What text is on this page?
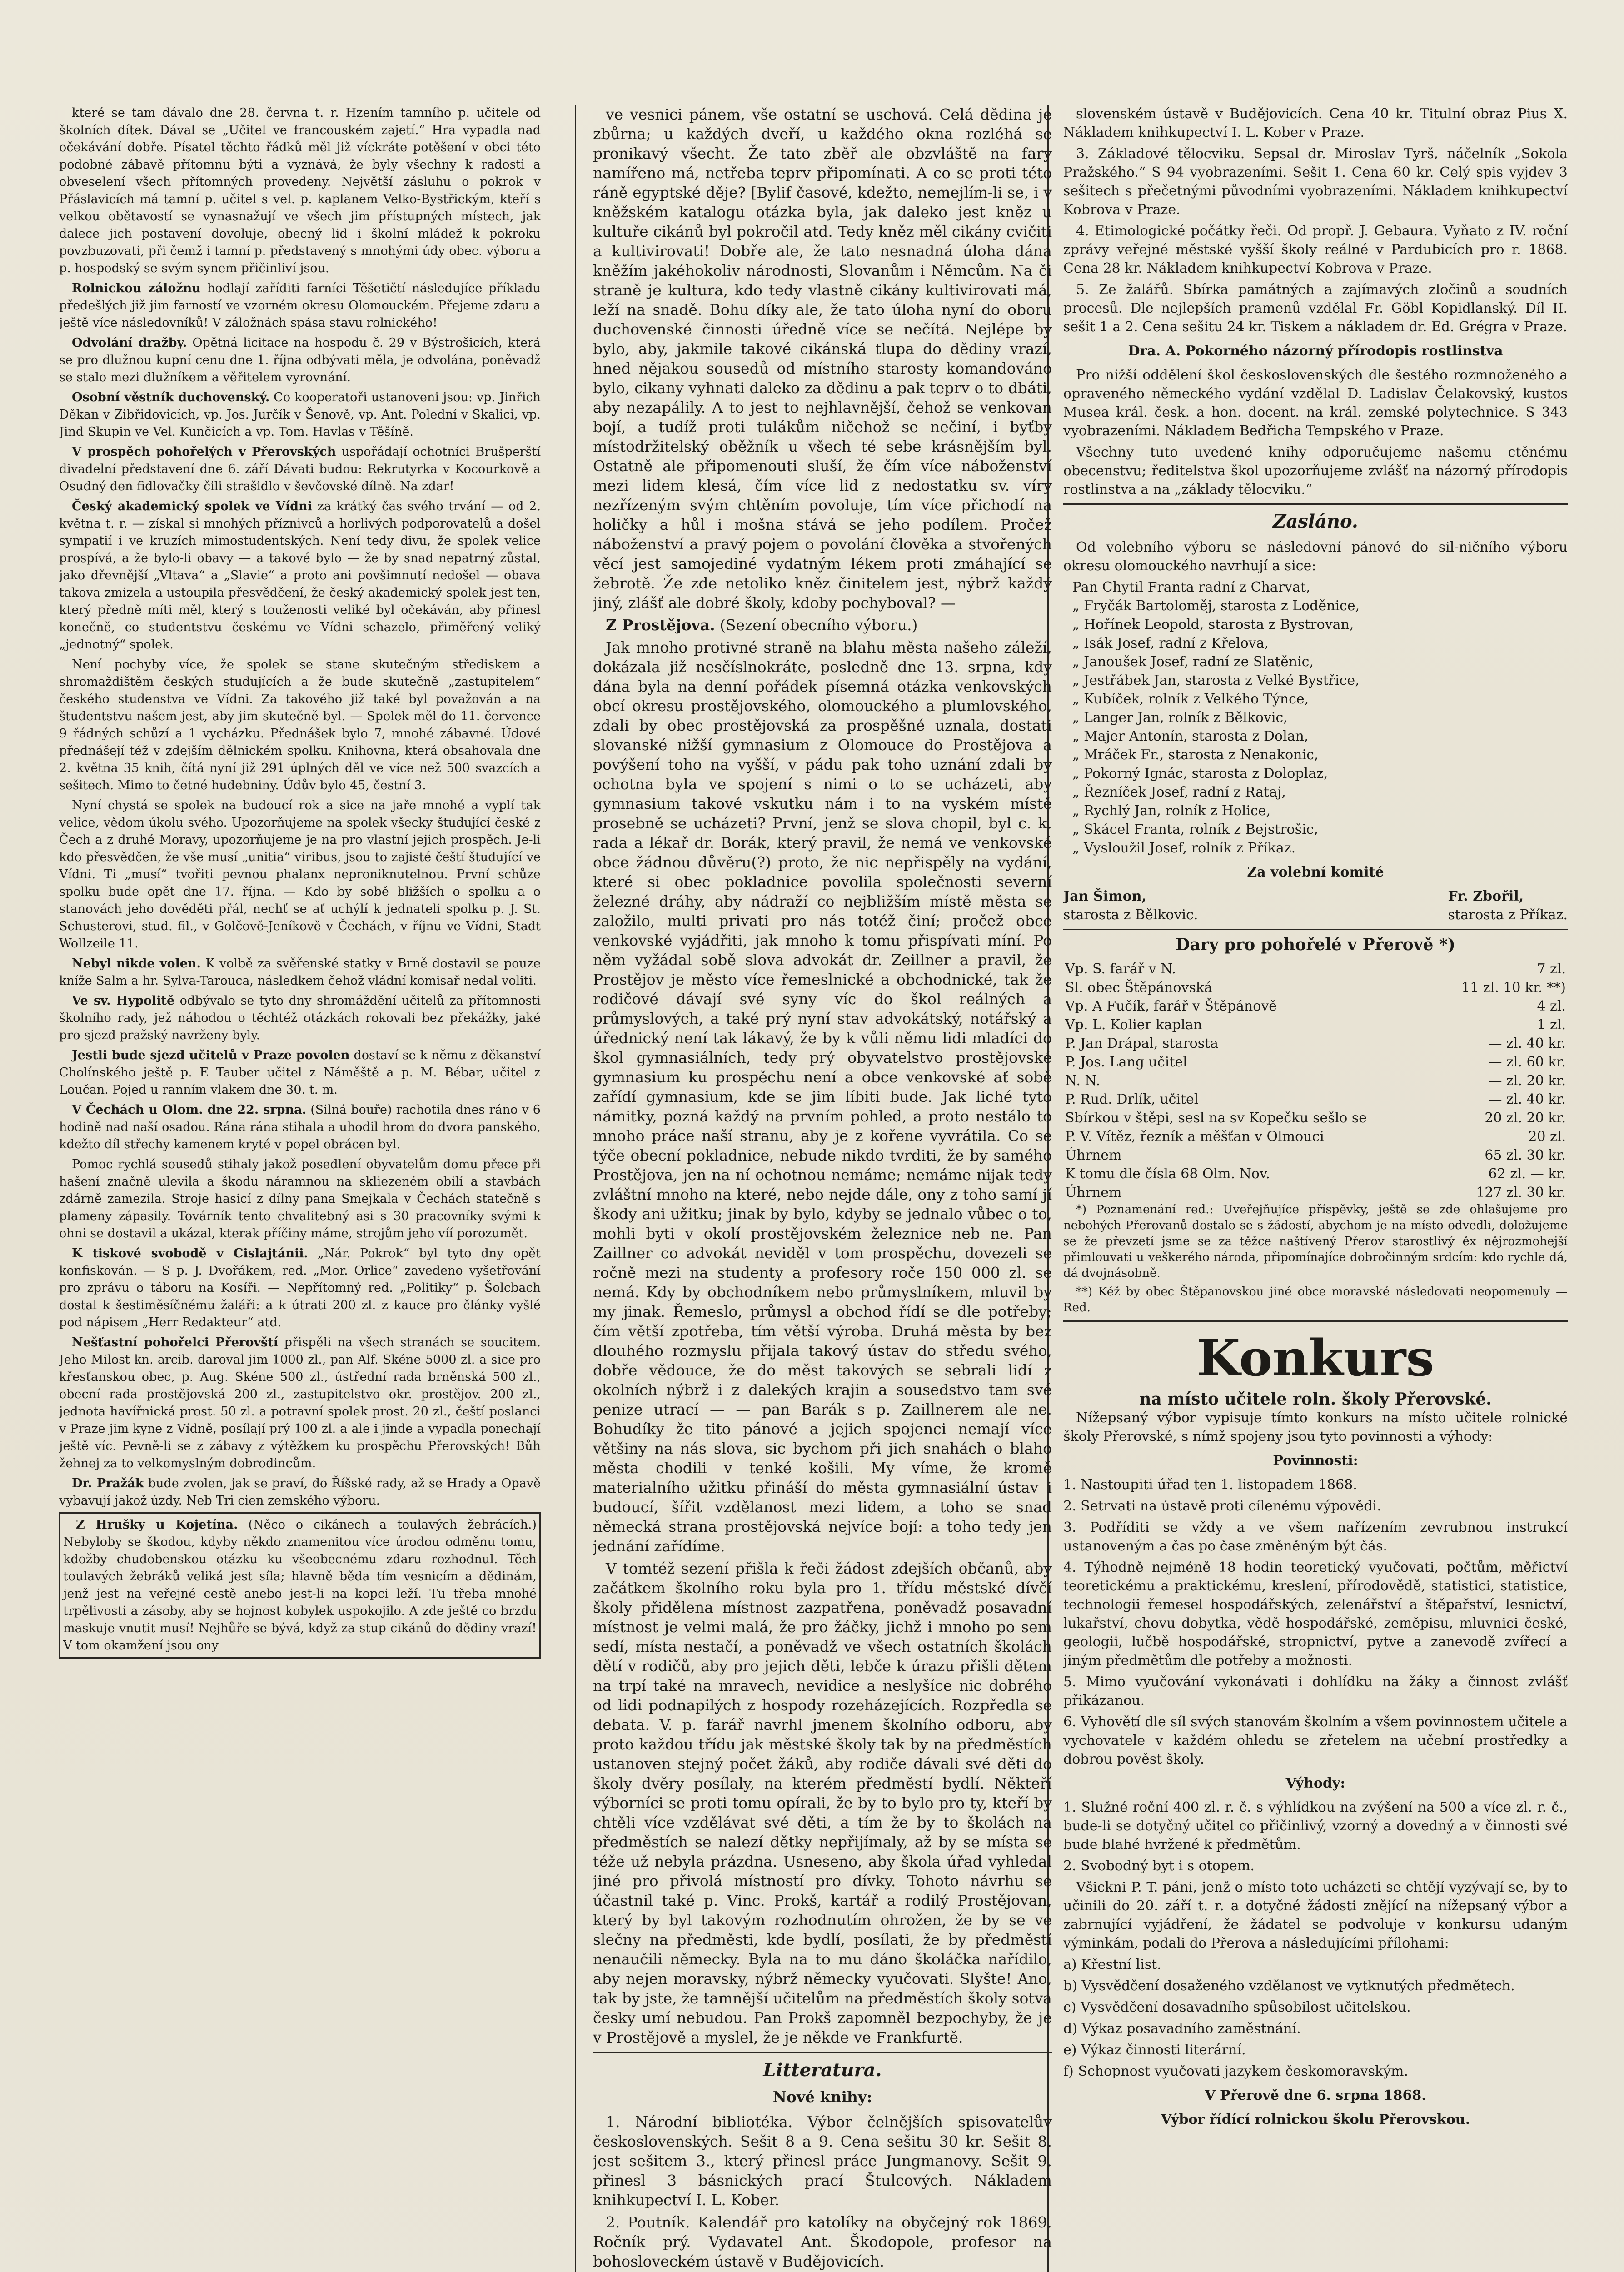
které se tam dávalo dne 28. června t. r. Hzením tamního p. učitele od školních dítek. Dával se „Učitel ve francouském zajetí.“ Hra vypadla nad očekávání dobře. Písatel těchto řádků měl již víckráte potěšení v obci této podobné zábavě přítomnu býti a vyznává, že byly všechny k radosti a obveselení všech přítomných provedeny. Největší zásluhu o pokrok v Přáslavicích má tamní p. učitel s vel. p. kaplanem Velko-Bystřickým, kteří s velkou obětavostí se vynasnažují ve všech jim přístupných místech, jak dalece jich postavení dovoluje, obecný lid i školní mládež k pokroku povzbuzovati, při čemž i tamní p. představený s mnohými údy obec. výboru a p. hospodský se svým synem přičinliví jsou.

Rolnickou záložnu hodlají zaříditi farníci Těšetičtí následujíce příkladu předešlých již jim farností ve vzorném okresu Olomouckém. Přejeme zdaru a ještě více následovníků! V záložnách spása stavu rolnického!

Odvolání dražby. Opětná licitace na hospodu č. 29 v Býstrošicích, která se pro dlužnou kupní cenu dne 1. října odbývati měla, je odvolána, poněvadž se stalo mezi dlužníkem a věřitelem vyrovnání.

Osobní věstník duchovenský. Co kooperatoři ustanoveni jsou: vp. Jinřich Děkan v Zibřidovicích, vp. Jos. Jurčík v Šenově, vp. Ant. Polední v Skalici, vp. Jind Skupin ve Vel. Kunčicích a vp. Tom. Havlas v Těšíně.

V prospěch pohořelých v Přerovských uspořádají ochotníci Brušperští divadelní představení dne 6. září Dávati budou: Rekrutyrka v Kocourkově a Osudný den fidlovačky čili strašidlo v ševčovské dílně. Na zdar!

Český akademický spolek ve Vídni za krátký čas svého trvání — od 2. května t. r. — získal si mnohých příznivců a horlivých podporovatelů a došel sympatií i ve kruzích mimostudentských. Není tedy divu, že spolek velice prospívá, a že bylo-li obavy — a takové bylo — že by snad nepatrný zůstal, jako dřevnější „Vltava“ a „Slavie“ a proto ani povšimnutí nedošel — obava takova zmizela a ustoupila přesvědčení, že český akademický spolek jest ten, který předně míti měl, který s touženosti veliké byl očekáván, aby přinesl konečně, co studentstvu českému ve Vídni schazelo, přiměřený veliký „jednotný“ spolek.

Není pochyby více, že spolek se stane skutečným střediskem a shromaždištěm českých studujících a že bude skutečně „zastupitelem“ českého studenstva ve Vídni. Za takového již také byl považován a na študentstvu našem jest, aby jim skutečně byl. — Spolek měl do 11. července 9 řádných schůzí a 1 vycházku. Přednášek bylo 7, mnohé zábavné. Údové přednášejí též v zdejším dělnickém spolku. Knihovna, která obsahovala dne 2. května 35 knih, čítá nyní již 291 úplných děl ve více než 500 svazcích a sešitech. Mimo to četné hudebniny. Údův bylo 45, čestní 3.

Nyní chystá se spolek na budoucí rok a sice na jaře mnohé a vyplí tak velice, vědom úkolu svého. Upozorňujeme na spolek všecky študující české z Čech a z druhé Moravy, upozorňujeme je na pro vlastní jejich prospěch. Je-li kdo přesvědčen, že vše musí „unitia“ viribus, jsou to zajisté čeští študující ve Vídni. Ti „musí“ tvořiti pevnou phalanx neproniknutelnou. První schůze spolku bude opět dne 17. října. — Kdo by sobě bližších o spolku a o stanovách jeho dověděti přál, nechť se ať uchýlí k jednateli spolku p. J. St. Schusterovi, stud. fil., v Golčově-Jeníkově v Čechách, v říjnu ve Vídni, Stadt Wollzeile 11.

Nebyl nikde volen. K volbě za svěřenské statky v Brně dostavil se pouze kníže Salm a hr. Sylva-Tarouca, následkem čehož vládní komisař nedal voliti.

Ve sv. Hypolitě odbývalo se tyto dny shromáždění učitelů za přítomnosti školního rady, jež náhodou o těchtéž otázkách rokovali bez překážky, jaké pro sjezd pražský navrženy byly.

Jestli bude sjezd učitelů v Praze povolen dostaví se k němu z děkanství Cholínského ještě p. E Tauber učitel z Náměště a p. M. Bébar, učitel z Loučan. Pojed u ranním vlakem dne 30. t. m.

V Čechách u Olom. dne 22. srpna. (Silná bouře) rachotila dnes ráno v 6 hodině nad naší osadou. Rána rána stihala a uhodil hrom do dvora panského, kdežto díl střechy kamenem kryté v popel obrácen byl.

Pomoc rychlá sousedů stihaly jakož posedlení obyvatelům domu přece při hašení značně ulevila a škodu náramnou na skliezeném obilí a stavbách zdárně zamezila. Stroje hasicí z dílny pana Smejkala v Čechách statečně s plameny zápasily. Továrník tento chvalitebný asi s 30 pracovníky svými k ohni se dostavil a ukázal, kterak příčiny máme, strojům jeho víí porozumět.

K tiskové svobodě v Cislajtánii. „Nár. Pokrok“ byl tyto dny opět konfiskován. — S p. J. Dvořákem, red. „Mor. Orlice“ zavedeno vyšetřování pro zprávu o táboru na Kosíři. — Nepřítomný red. „Politiky“ p. Šolcbach dostal k šestiměsíčnému žaláři: a k útrati 200 zl. z kauce pro články vyšlé pod nápisem „Herr Redakteur“ atd.

Nešťastní pohořelci Přerovští přispěli na všech stranách se soucitem. Jeho Milost kn. arcib. daroval jim 1000 zl., pan Alf. Skéne 5000 zl. a sice pro křesťanskou obec, p. Aug. Skéne 500 zl., ústřední rada brněnská 500 zl., obecní rada prostějovská 200 zl., zastupitelstvo okr. prostějov. 200 zl., jednota havířnická prost. 50 zl. a potravní spolek prost. 20 zl., čeští poslanci v Praze jim kyne z Vídně, posílají prý 100 zl. a ale i jinde a vypadla ponechají ještě víc. Pevně-li se z zábavy z výtěžkem ku prospěchu Přerovských! Bůh žehnej za to velkomyslným dobrodincům.

Dr. Pražák bude zvolen, jak se praví, do Říšské rady, až se Hrady a Opavě vybavují jakož úzdy. Neb Tri cien zemského výboru.

Z Hrušky u Kojetína. (Něco o cikánech a toulavých žebrácích.) Nebyloby se škodou, kdyby někdo znamenitou více úrodou odměnu tomu, kdožby chudobenskou otázku ku všeobecnému zdaru rozhodnul. Těch toulavých žebráků veliká jest síla; hlavně běda tím vesnicím a dědinám, jenž jest na veřejné cestě anebo jest-li na kopci leží. Tu třeba mnohé trpělivosti a zásoby, aby se hojnost kobylek uspokojilo. A zde ještě co brzdu maskuje vnutit musí! Nejhůře se bývá, když za stup cikánů do dědiny vrazí! V tom okamžení jsou ony

ve vesnici pánem, vše ostatní se uschová. Celá dědina je zbůrna; u každých dveří, u každého okna rozléhá se pronikavý všecht. Že tato zběř ale obzvláště na fary namířeno má, netřeba teprv připomínati. A co se proti této ráně egyptské děje? [Bylif časové, kdežto, nemejlím-li se, i v kněžském katalogu otázka byla, jak daleko jest kněz u kultuře cikánů byl pokročil atd. Tedy kněz měl cikány cvičiti a kultivirovati! Dobře ale, že tato nesnadná úloha dána kněžím jakéhokoliv národnosti, Slovanům i Němcům. Na či straně je kultura, kdo tedy vlastně cikány kultivirovati má, leží na snadě. Bohu díky ale, že tato úloha nyní do oboru duchovenské činnosti úředně více se nečítá. Nejlépe by bylo, aby, jakmile takové cikánská tlupa do dědiny vrazí, hned nějakou sousedů od místního starosty komandováno bylo, cikany vyhnati daleko za dědinu a pak teprv o to dbáti, aby nezapálily. A to jest to nejhlavnější, čehož se venkovan bojí, a tudíž proti tulákům ničehož se nečiní, i byťby místodržitelský oběžník u všech té sebe krásnějším byl. Ostatně ale připomenouti sluší, že čím více náboženství mezi lidem klesá, čím více lid z nedostatku sv. víry nezřízeným svým chtěním povoluje, tím více přichodí na holičky a hůl i mošna stává se jeho podílem. Pročež náboženství a pravý pojem o povolání člověka a stvořených věcí jest samojediné vydatným lékem proti zmáhající se žebrotě. Že zde netoliko kněz činitelem jest, nýbrž každý jiný, zlášť ale dobré školy, kdoby pochyboval? —

Z Prostějova. (Sezení obecního výboru.)

Jak mnoho protivné straně na blahu města našeho záleží, dokázala již nesčíslnokráte, posledně dne 13. srpna, kdy dána byla na denní pořádek písemná otázka venkovských obcí okresu prostějovského, olomouckého a plumlovského, zdali by obec prostějovská za prospěšné uznala, dostati slovanské nižší gymnasium z Olomouce do Prostějova a povýšení toho na vyšší, v pádu pak toho uznání zdali by ochotna byla ve spojení s nimi o to se ucházeti, aby gymnasium takové vskutku nám i to na vyském místě prosebně se ucházeti? První, jenž se slova chopil, byl c. k. rada a lékař dr. Borák, který pravil, že nemá ve venkovské obce žádnou důvěru(?) proto, že nic nepřispěly na vydání, které si obec pokladnice povolila společnosti severní železné dráhy, aby nádraží co nejbližším místě města se založilo, multi privati pro nás totéž činí; pročež obce venkovské vyjádřiti, jak mnoho k tomu přispívati míní. Po něm vyžádal sobě slova advokát dr. Zeillner a pravil, že Prostějov je město více řemeslnické a obchodnické, tak že rodičové dávají své syny víc do škol reálných a průmyslových, a také prý nyní stav advokátský, notářský a úřednický není tak lákavý, že by k vůli němu lidi mladíci do škol gymnasiálních, tedy prý obyvatelstvo prostějovské gymnasium ku prospěchu není a obce venkovské ať sobě zařídí gymnasium, kde se jim líbiti bude. Jak liché tyto námitky, pozná každý na prvním pohled, a proto nestálo to mnoho práce naší stranu, aby je z kořene vyvrátila. Co se týče obecní pokladnice, nebude nikdo tvrditi, že by samého Prostějova, jen na ní ochotnou nemáme; nemáme nijak tedy zvláštní mnoho na které, nebo nejde dále, ony z toho samí jí škody ani užitku; jinak by bylo, kdyby se jednalo vůbec o to, mohli byti v okolí prostějovském železnice neb ne. Pan Zaillner co advokát neviděl v tom prospěchu, dovezeli se ročně mezi na studenty a profesory roče 150 000 zl. se nemá. Kdy by obchodníkem nebo průmyslníkem, mluvil by my jinak. Řemeslo, průmysl a obchod řídí se dle potřeby; čím větší zpotřeba, tím větší výroba. Druhá města by bez dlouhého rozmyslu přijala takový ústav do středu svého, dobře vědouce, že do měst takových se sebrali lidí z okolních nýbrž i z dalekých krajin a sousedstvo tam své penize utrací — — pan Barák s p. Zaillnerem ale ne. Bohudíky že tito pánové a jejich spojenci nemají více většiny na nás slova, sic bychom při jich snahách o blaho města chodili v tenké košili. My víme, že kromě materialního užitku přináší do města gymnasiální ústav i budoucí, šířit vzdělanost mezi lidem, a toho se snad německá strana prostějovská nejvíce bojí: a toho tedy jen jednání zařídíme.

V tomtéž sezení přišla k řeči žádost zdejších občanů, aby začátkem školního roku byla pro 1. třídu městské dívčí školy přidělena místnost zazpatřena, poněvadž posavadní místnost je velmi malá, že pro žáčky, jichž i mnoho po sem sedí, místa nestačí, a poněvadž ve všech ostatních školách dětí v rodičů, aby pro jejich děti, lebče k úrazu přišli dětem na trpí také na mravech, nevidice a neslyšíce nic dobrého od lidi podnapilých z hospody rozeházejících. Rozpředla se debata. V. p. farář navrhl jmenem školního odboru, aby proto každou třídu jak městské školy tak by na předměstích ustanoven stejný počet žáků, aby rodiče dávali své děti do školy dvěry posílaly, na kterém předměstí bydlí. Někteří výborníci se proti tomu opírali, že by to bylo pro ty, kteří by chtěli více vzdělávat své děti, a tím že by to školách na předměstích se nalezí dětky nepřijímaly, až by se místa se téže už nebyla prázdna. Usneseno, aby škola úřad vyhledal jiné pro přivolá místností pro dívky. Tohoto návrhu se účastnil také p. Vinc. Prokš, kartář a rodilý Prostějovan, který by byl takovým rozhodnutím ohrožen, že by se ve slečny na předměsti, kde bydlí, posílati, že by předměstí nenaučili německy. Byla na to mu dáno školáčka nařídilo, aby nejen moravsky, nýbrž německy vyučovati. Slyšte! Ano, tak by jste, že tamnější učitelům na předměstích školy sotva česky umí nebudou. Pan Prokš zapomněl bezpochyby, že je v Prostějově a myslel, že je někde ve Frankfurtě.

Litteratura.
Nové knihy:

1. Národní bibliotéka. Výbor čelnějších spisovatelův československých. Sešit 8 a 9. Cena sešitu 30 kr. Sešit 8. jest sešitem 3., který přinesl práce Jungmanovy. Sešit 9. přinesl 3 básnických prací Štulcových. Nákladem knihkupectví I. L. Kober.

2. Poutník. Kalendář pro katolíky na obyčejný rok 1869. Ročník prý. Vydavatel Ant. Škodopole, profesor na bohosloveckém ústavě v Budějovicích.

slovenském ústavě v Budějovicích. Cena 40 kr. Titulní obraz Pius X. Nákladem knihkupectví I. L. Kober v Praze.

3. Základové tělocviku. Sepsal dr. Miroslav Tyrš, náčelník „Sokola Pražského.“ S 94 vyobrazeními. Sešit 1. Cena 60 kr. Celý spis vyjdev 3 sešitech s přečetnými původními vyobrazeními. Nákladem knihkupectví Kobrova v Praze.

4. Etimologické počátky řeči. Od propř. J. Gebaura. Vyňato z IV. roční zprávy veřejné městské vyšší školy reálné v Pardubicích pro r. 1868. Cena 28 kr. Nákladem knihkupectví Kobrova v Praze.

5. Ze žalářů. Sbírka památných a zajímavých zločinů a soudních procesů. Dle nejlepších pramenů vzdělal Fr. Göbl Kopidlanský. Díl II. sešit 1 a 2. Cena sešitu 24 kr. Tiskem a nákladem dr. Ed. Grégra v Praze.

Dra. A. Pokorného názorný přírodopis rostlinstva

Pro nižší oddělení škol československých dle šestého rozmnoženého a opraveného německého vydání vzdělal D. Ladislav Čelakovský, kustos Musea král. česk. a hon. docent. na král. zemské polytechnice. S 343 vyobrazeními. Nákladem Bedřicha Tempského v Praze.

Všechny tuto uvedené knihy odporučujeme našemu ctěnému obecenstvu; ředitelstva škol upozorňujeme zvlášť na názorný přírodopis rostlinstva a na „základy tělocviku.“

Zasláno.

Od volebního výboru se následovní pánové do sil-ničního výboru okresu olomouckého navrhují a sice:

Pan Chytil Franta radní z Charvat,
„ Fryčák Bartoloměj, starosta z Loděnice,
„ Hořínek Leopold, starosta z Bystrovan,
„ Isák Josef, radní z Křelova,
„ Janoušek Josef, radní ze Slatěnic,
„ Jestřábek Jan, starosta z Velké Bystřice,
„ Kubíček, rolník z Velkého Týnce,
„ Langer Jan, rolník z Bělkovic,
„ Majer Antonín, starosta z Dolan,
„ Mráček Fr., starosta z Nenakonic,
„ Pokorný Ignác, starosta z Doloplaz,
„ Řezníček Josef, radní z Rataj,
„ Rychlý Jan, rolník z Holice,
„ Skácel Franta, rolník z Bejstrošic,
„ Vysloužil Josef, rolník z Příkaz.
Za volební komité
Jan Šimon,
starosta z Bělkovic.
Fr. Zbořil,
starosta z Příkaz.
Dary pro pohořelé v Přerově *)
Vp. S. farář v N.	7 zl.
Sl. obec Štěpánovská	11 zl. 10 kr. **)
Vp. A Fučík, farář v Štěpánově	4 zl.
Vp. L. Kolier kaplan	1 zl.
P. Jan Drápal, starosta	— zl. 40 kr.
P. Jos. Lang učitel	— zl. 60 kr.
N. N.	— zl. 20 kr.
P. Rud. Drlík, učitel	— zl. 40 kr.
Sbírkou v štěpi, sesl na sv Kopečku sešlo se	20 zl. 20 kr.
P. V. Vítěz, řezník a měšťan v Olmouci	20 zl.
Úhrnem	65 zl. 30 kr.
K tomu dle čísla 68 Olm. Nov.	62 zl. — kr.
Úhrnem	127 zl. 30 kr.

*) Poznamenání red.: Uveřejňujíce příspěvky, ještě se zde ohlašujeme pro nebohých Přerovanů dostalo se s žádostí, abychom je na místo odvedli, doložujeme se že převzetí jsme se za těžce naštívený Přerov starostlivý ěx nějrozmohejší přimlouvati u veškerého národa, připomínajíce dobročinným srdcím: kdo rychle dá, dá dvojnásobně.

**) Kéž by obec Štěpanovskou jiné obce moravské následovati neopomenuly — Red.

Konkurs
na místo učitele roln. školy Přerovské.

Nížepsaný výbor vypisuje tímto konkurs na místo učitele rolnické školy Přerovské, s nímž spojeny jsou tyto povinnosti a výhody:

Povinnosti:

1. Nastoupiti úřad ten 1. listopadem 1868.

2. Setrvati na ústavě proti cílenému výpovědi.

3. Podříditi se vždy a ve všem nařízením zevrubnou instrukcí ustanoveným a čas po čase změněným být čás.

4. Týhodně nejméně 18 hodin teoretický vyučovati, počtům, měřictví teoretickému a praktickému, kreslení, přírodovědě, statistici, statistice, technologii řemesel hospodářských, zelenářství a štěpařství, lesnictví, lukařství, chovu dobytka, vědě hospodářské, zeměpisu, mluvnici české, geologii, lučbě hospodářské, stropnictví, pytve a zanevodě zvířecí a jiným předmětům dle potřeby a možnosti.

5. Mimo vyučování vykonávati i dohlídku na žáky a činnost zvlášť přikázanou.

6. Vyhovětí dle síl svých stanovám školním a všem povinnostem učitele a vychovatele v každém ohledu se zřetelem na učební prostředky a dobrou pověst školy.

Výhody:

1. Služné roční 400 zl. r. č. s výhlídkou na zvýšení na 500 a více zl. r. č., bude-li se dotyčný učitel co přičinlivý, vzorný a dovedný a v činnosti své bude blahé hvržené k předmětům.

2. Svobodný byt i s otopem.

Všickni P. T. páni, jenž o místo toto ucházeti se chtějí vyzývají se, by to učinili do 20. září t. r. a dotyčné žádosti znějící na nížepsaný výbor a zabrnující vyjádření, že žádatel se podvoluje v konkursu udaným výminkám, podali do Přerova a následujícími přílohami:

a) Křestní list.

b) Vysvědčení dosaženého vzdělanost ve vytknutých předmětech.

c) Vysvědčení dosavadního spůsobilost učitelskou.

d) Výkaz posavadního zaměstnání.

e) Výkaz činnosti literární.

f) Schopnost vyučovati jazykem českomoravským.

V Přerově dne 6. srpna 1868.
Výbor řídící rolnickou školu Přerovskou.
